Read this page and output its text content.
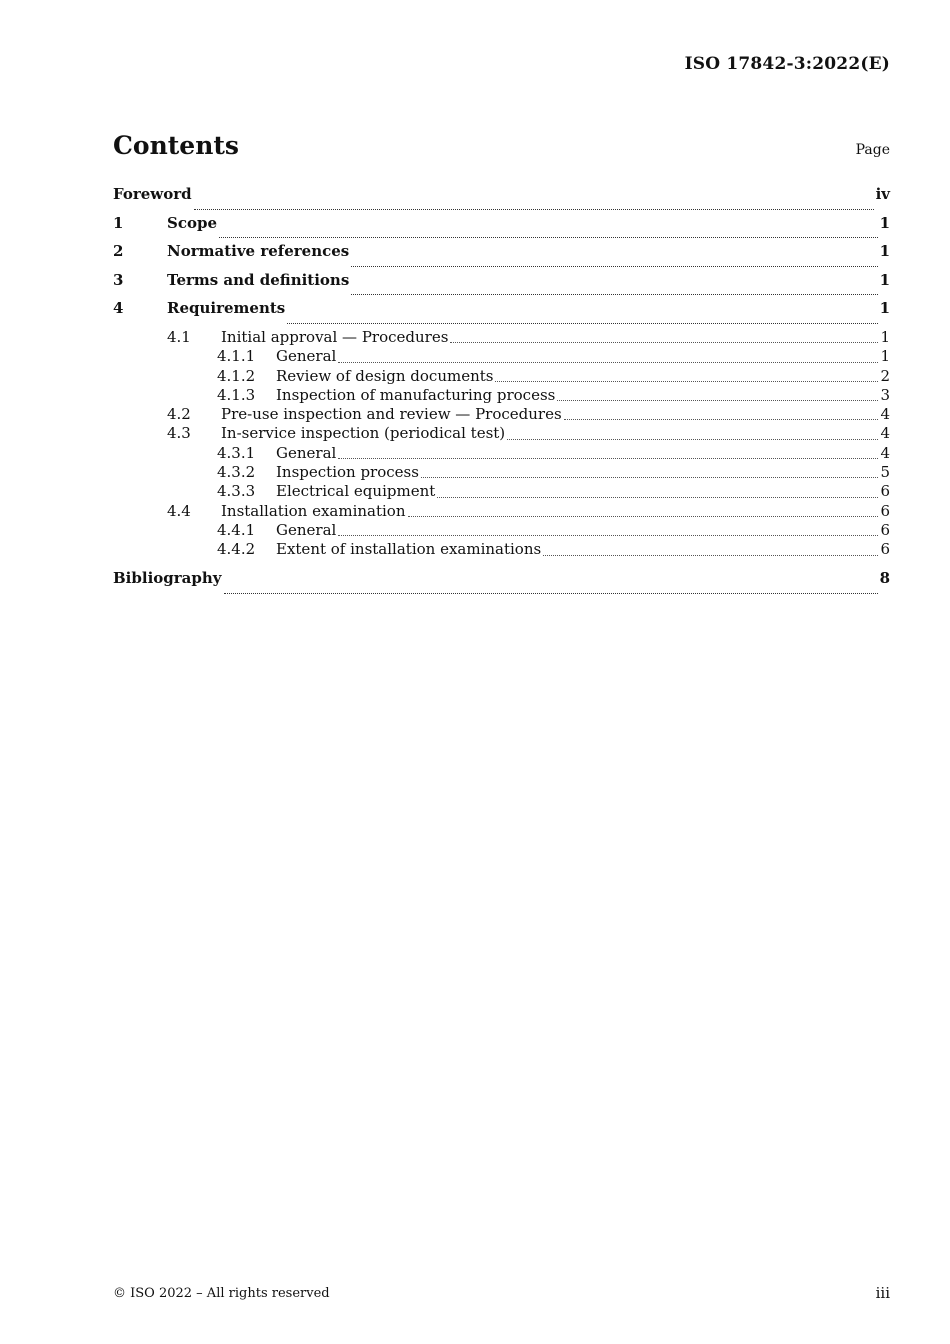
ISO 17842-3:2022(E)
Contents	Page
Foreword	iv
1	Scope	1
2	Normative references	1
3	Terms and definitions	1
4	Requirements	1
4.1	Initial approval — Procedures	1
4.1.1	General	1
4.1.2	Review of design documents	2
4.1.3	Inspection of manufacturing process	3
4.2	Pre-use inspection and review — Procedures	4
4.3	In-service inspection (periodical test)	4
4.3.1	General	4
4.3.2	Inspection process	5
4.3.3	Electrical equipment	6
4.4	Installation examination	6
4.4.1	General	6
4.4.2	Extent of installation examinations	6
Bibliography	8
© ISO 2022 – All rights reserved	iii
